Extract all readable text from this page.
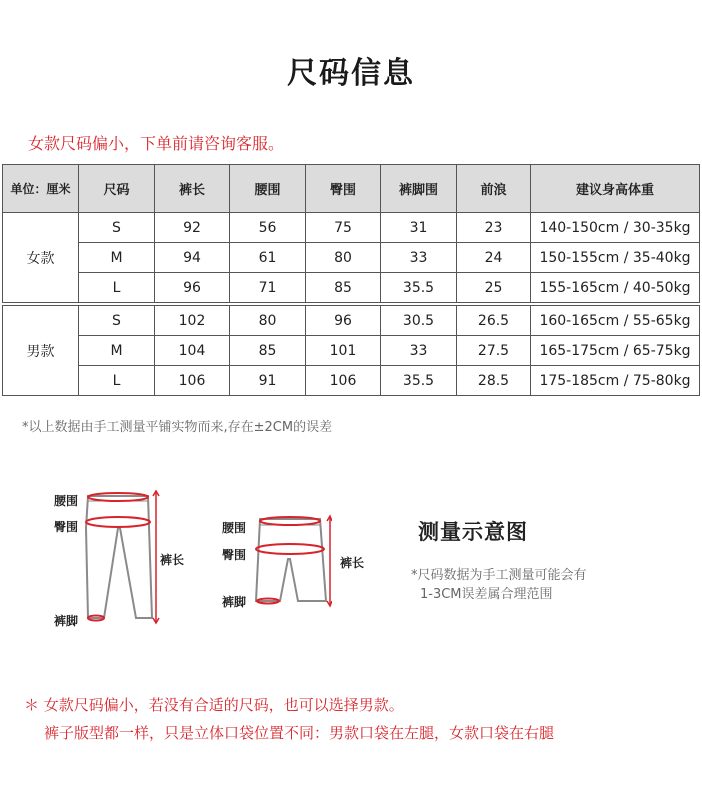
尺码信息
女款尺码偏小，下单前请咨询客服。
单位：厘米	尺码	裤长	腰围	臀围	裤脚围	前浪	建议身高体重
女款	S	92	56	75	31	23	140-150cm / 30-35kg
	M	94	61	80	33	24	150-155cm / 35-40kg
	L	96	71	85	35.5	25	155-165cm / 40-50kg
男款	S	102	80	96	30.5	26.5	160-165cm / 55-65kg
	M	104	85	101	33	27.5	165-175cm / 65-75kg
	L	106	91	106	35.5	28.5	175-185cm / 75-80kg
*以上数据由手工测量平铺实物而来,存在±2CM的误差
腰围
臀围
裤长
裤脚
腰围
臀围
裤长
裤脚
测量示意图
*尺码数据为手工测量可能会有
1-3CM误差属合理范围
＊ 女款尺码偏小，若没有合适的尺码，也可以选择男款。
裤子版型都一样，只是立体口袋位置不同：男款口袋在左腿，女款口袋在右腿
